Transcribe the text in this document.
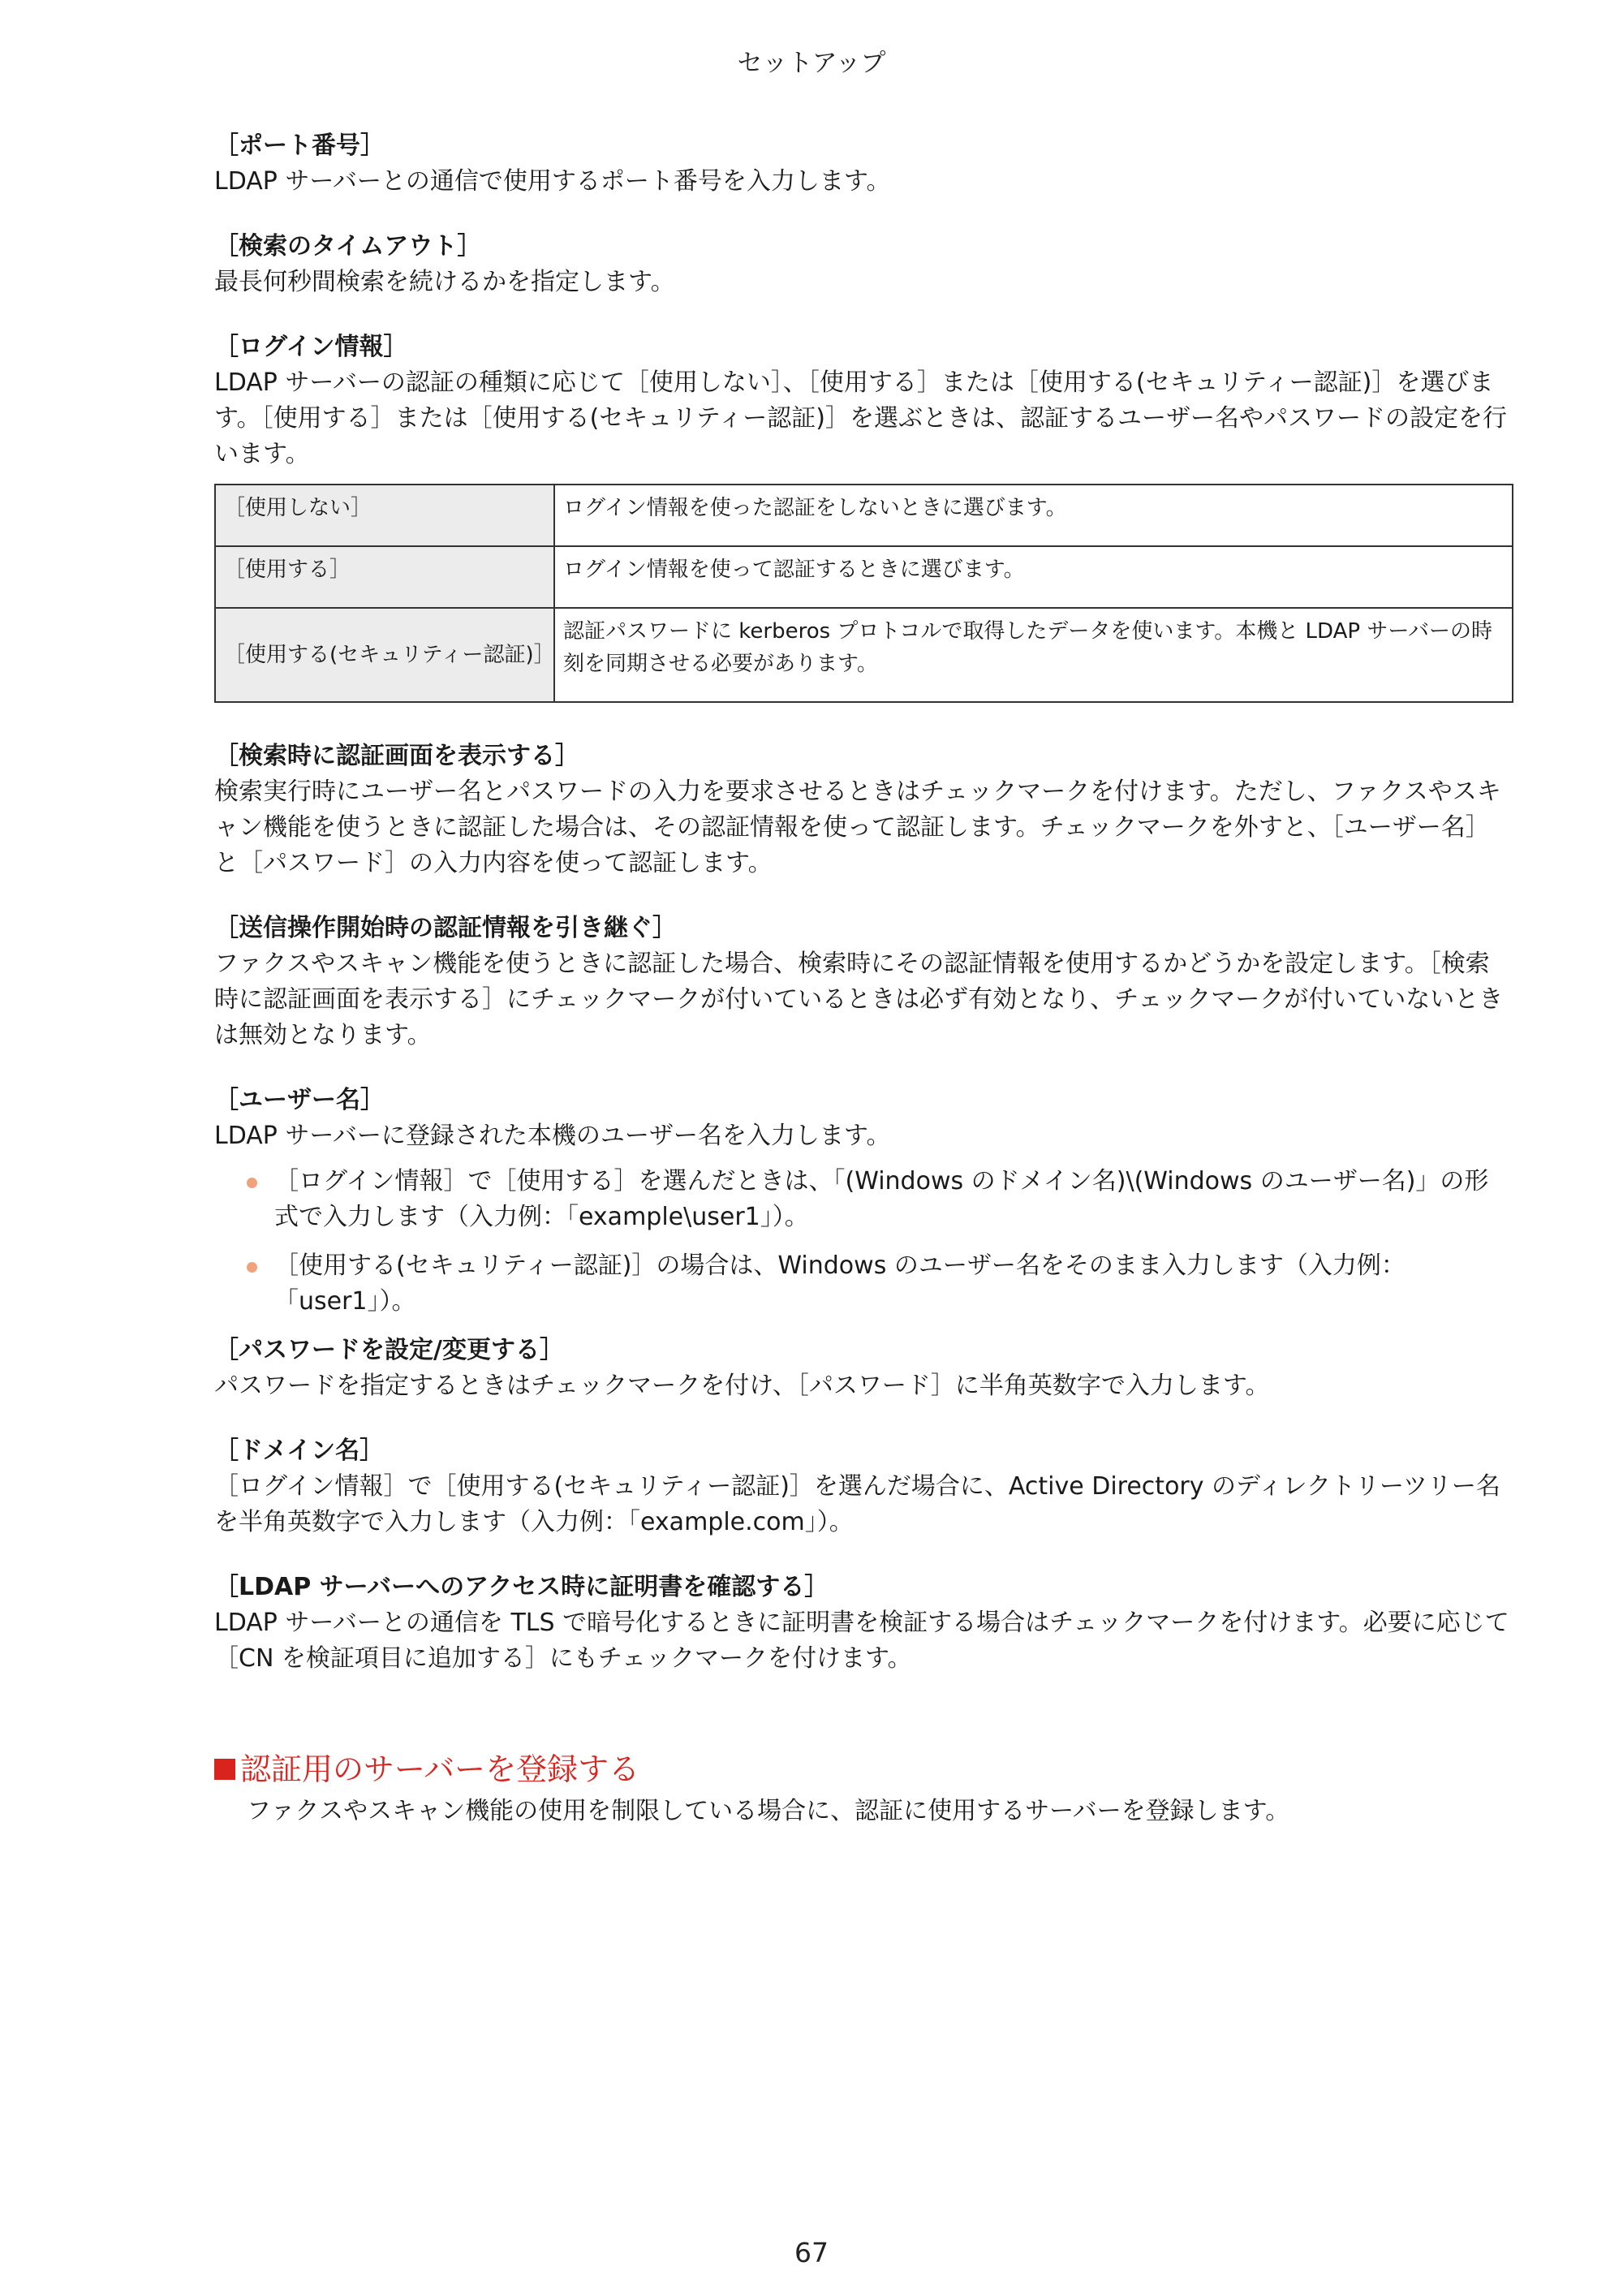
セットアップ

［ポート番号］

LDAP サーバーとの通信で使用するポート番号を入力します。

［検索のタイムアウト］

最長何秒間検索を続けるかを指定します。

［ログイン情報］

LDAP サーバーの認証の種類に応じて［使用しない］、［使用する］または［使用する(セキュリティー認証)］を選びます。［使用する］または［使用する(セキュリティー認証)］を選ぶときは、認証するユーザー名やパスワードの設定を行います。

［使用しない］	ログイン情報を使った認証をしないときに選びます。
［使用する］	ログイン情報を使って認証するときに選びます。
［使用する(セキュリティー認証)］	認証パスワードに kerberos プロトコルで取得したデータを使います。本機と LDAP サーバーの時刻を同期させる必要があります。

［検索時に認証画面を表示する］

検索実行時にユーザー名とパスワードの入力を要求させるときはチェックマークを付けます。ただし、ファクスやスキャン機能を使うときに認証した場合は、その認証情報を使って認証します。チェックマークを外すと、［ユーザー名］と［パスワード］の入力内容を使って認証します。

［送信操作開始時の認証情報を引き継ぐ］

ファクスやスキャン機能を使うときに認証した場合、検索時にその認証情報を使用するかどうかを設定します。［検索時に認証画面を表示する］にチェックマークが付いているときは必ず有効となり、チェックマークが付いていないときは無効となります。

［ユーザー名］

LDAP サーバーに登録された本機のユーザー名を入力します。

［ログイン情報］で［使用する］を選んだときは、「(Windows のドメイン名)\(Windows のユーザー名)」の形式で入力します（入力例：「example\user1」）。
［使用する(セキュリティー認証)］の場合は、Windows のユーザー名をそのまま入力します（入力例：「user1」）。

［パスワードを設定/変更する］

パスワードを指定するときはチェックマークを付け、［パスワード］に半角英数字で入力します。

［ドメイン名］

［ログイン情報］で［使用する(セキュリティー認証)］を選んだ場合に、Active Directory のディレクトリーツリー名を半角英数字で入力します（入力例：「example.com」）。

［LDAP サーバーへのアクセス時に証明書を確認する］

LDAP サーバーとの通信を TLS で暗号化するときに証明書を検証する場合はチェックマークを付けます。必要に応じて［CN を検証項目に追加する］にもチェックマークを付けます。

認証用のサーバーを登録する

ファクスやスキャン機能の使用を制限している場合に、認証に使用するサーバーを登録します。

67
